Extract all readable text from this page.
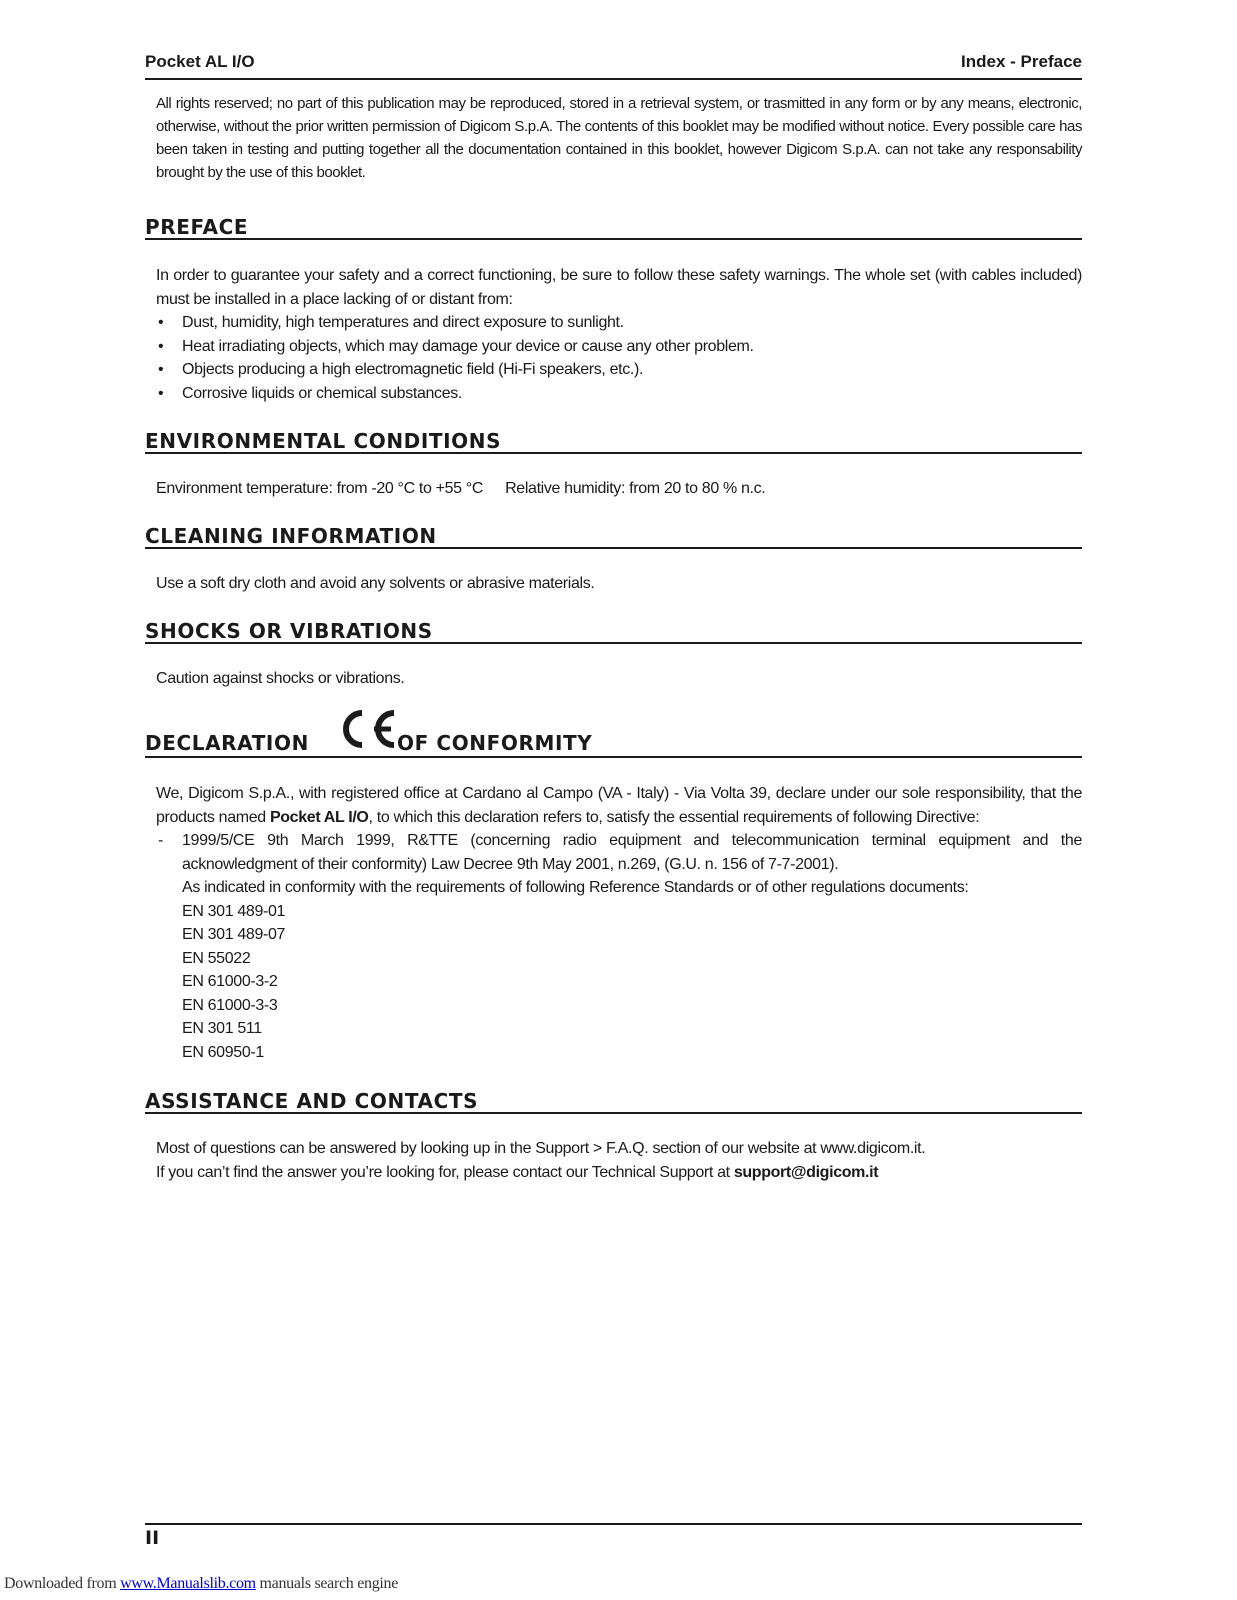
Pocket AL I/O	Index - Preface

All rights reserved; no part of this publication may be reproduced, stored in a retrieval system, or trasmitted in any form or by any means, electronic, otherwise, without the prior written permission of Digicom S.p.A. The contents of this booklet may be modified without notice. Every possible care has been taken in testing and putting together all the documentation contained in this booklet, however Digicom S.p.A. can not take any responsability brought by the use of this booklet.

PREFACE
In order to guarantee your safety and a correct functioning, be sure to follow these safety warnings. The whole set (with cables included) must be installed in a place lacking of or distant from:
• Dust, humidity, high temperatures and direct exposure to sunlight.
• Heat irradiating objects, which may damage your device or cause any other problem.
• Objects producing a high electromagnetic field (Hi-Fi speakers, etc.).
• Corrosive liquids or chemical substances.
ENVIRONMENTAL CONDITIONS
Environment temperature: from -20 °C to +55 °C Relative humidity: from 20 to 80 % n.c.
CLEANING INFORMATION
Use a soft dry cloth and avoid any solvents or abrasive materials.
SHOCKS OR VIBRATIONS
Caution against shocks or vibrations.
DECLARATION	OF CONFORMITY
We, Digicom S.p.A., with registered office at Cardano al Campo (VA - Italy) - Via Volta 39, declare under our sole responsibility, that the products named Pocket AL I/O, to which this declaration refers to, satisfy the essential requirements of following Directive:
- 1999/5/CE 9th March 1999, R&TTE (concerning radio equipment and telecommunication terminal equipment and the acknowledgment of their conformity) Law Decree 9th May 2001, n.269, (G.U. n. 156 of 7-7-2001).
As indicated in conformity with the requirements of following Reference Standards or of other regulations documents:
EN 301 489-01
EN 301 489-07
EN 55022
EN 61000-3-2
EN 61000-3-3
EN 301 511
EN 60950-1
ASSISTANCE AND CONTACTS
Most of questions can be answered by looking up in the Support > F.A.Q. section of our website at www.digicom.it.
If you can’t find the answer you’re looking for, please contact our Technical Support at support@digicom.it
II
Downloaded from www.Manualslib.com manuals search engine
